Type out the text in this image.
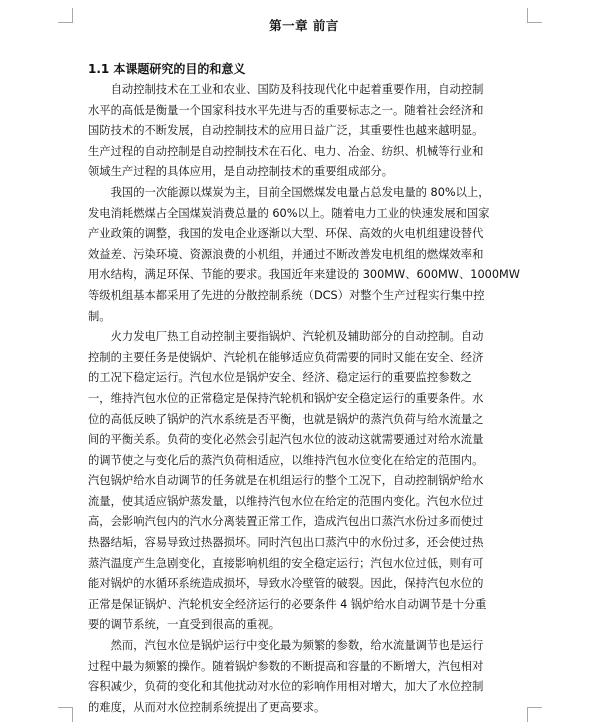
第一章 前言
1.1 本课题研究的目的和意义

自动控制技术在工业和农业、国防及科技现代化中起着重要作用，自动控制
水平的高低是衡量一个国家科技水平先进与否的重要标志之一。随着社会经济和
国防技术的不断发展，自动控制技术的应用日益广泛，其重要性也越来越明显。
生产过程的自动控制是自动控制技术在石化、电力、冶金、纺织、机械等行业和
领域生产过程的具体应用，是自动控制技术的重要组成部分。

我国的一次能源以煤炭为主，目前全国燃煤发电量占总发电量的 80%以上，
发电消耗燃煤占全国煤炭消费总量的 60%以上。随着电力工业的快速发展和国家
产业政策的调整，我国的发电企业逐渐以大型、环保、高效的火电机组建设替代
效益差、污染环境、资源浪费的小机组，并通过不断改善发电机组的燃煤效率和
用水结构，满足环保、节能的要求。我国近年来建设的 300MW、600MW、1000MW
等级机组基本都采用了先进的分散控制系统（DCS）对整个生产过程实行集中控
制。

火力发电厂热工自动控制主要指锅炉、汽轮机及辅助部分的自动控制。自动
控制的主要任务是使锅炉、汽轮机在能够适应负荷需要的同时又能在安全、经济
的工况下稳定运行。汽包水位是锅炉安全、经济、稳定运行的重要监控参数之
一，维持汽包水位的正常稳定是保持汽轮机和锅炉安全稳定运行的重要条件。水
位的高低反映了锅炉的汽水系统是否平衡，也就是锅炉的蒸汽负荷与给水流量之
间的平衡关系。负荷的变化必然会引起汽包水位的波动这就需要通过对给水流量
的调节使之与变化后的蒸汽负荷相适应，以维持汽包水位变化在给定的范围内。
汽包锅炉给水自动调节的任务就是在机组运行的整个工况下，自动控制锅炉给水
流量，使其适应锅炉蒸发量，以维持汽包水位在给定的范围内变化。汽包水位过
高，会影响汽包内的汽水分离装置正常工作，造成汽包出口蒸汽水份过多而使过
热器结垢，容易导致过热器损坏。同时汽包出口蒸汽中的水份过多，还会使过热
蒸汽温度产生急剧变化，直接影响机组的安全稳定运行；汽包水位过低，则有可
能对锅炉的水循环系统造成损坏，导致水冷壁管的破裂。因此，保持汽包水位的
正常是保证锅炉、汽轮机安全经济运行的必要条件 4 锅炉给水自动调节是十分重
要的调节系统，一直受到很高的重视。

然而，汽包水位是锅炉运行中变化最为频繁的参数，给水流量调节也是运行
过程中最为频繁的操作。随着锅炉参数的不断提高和容量的不断增大，汽包相对
容积减少，负荷的变化和其他扰动对水位的彩响作用相对增大，加大了水位控制
的难度，从而对水位控制系统提出了更高要求。
